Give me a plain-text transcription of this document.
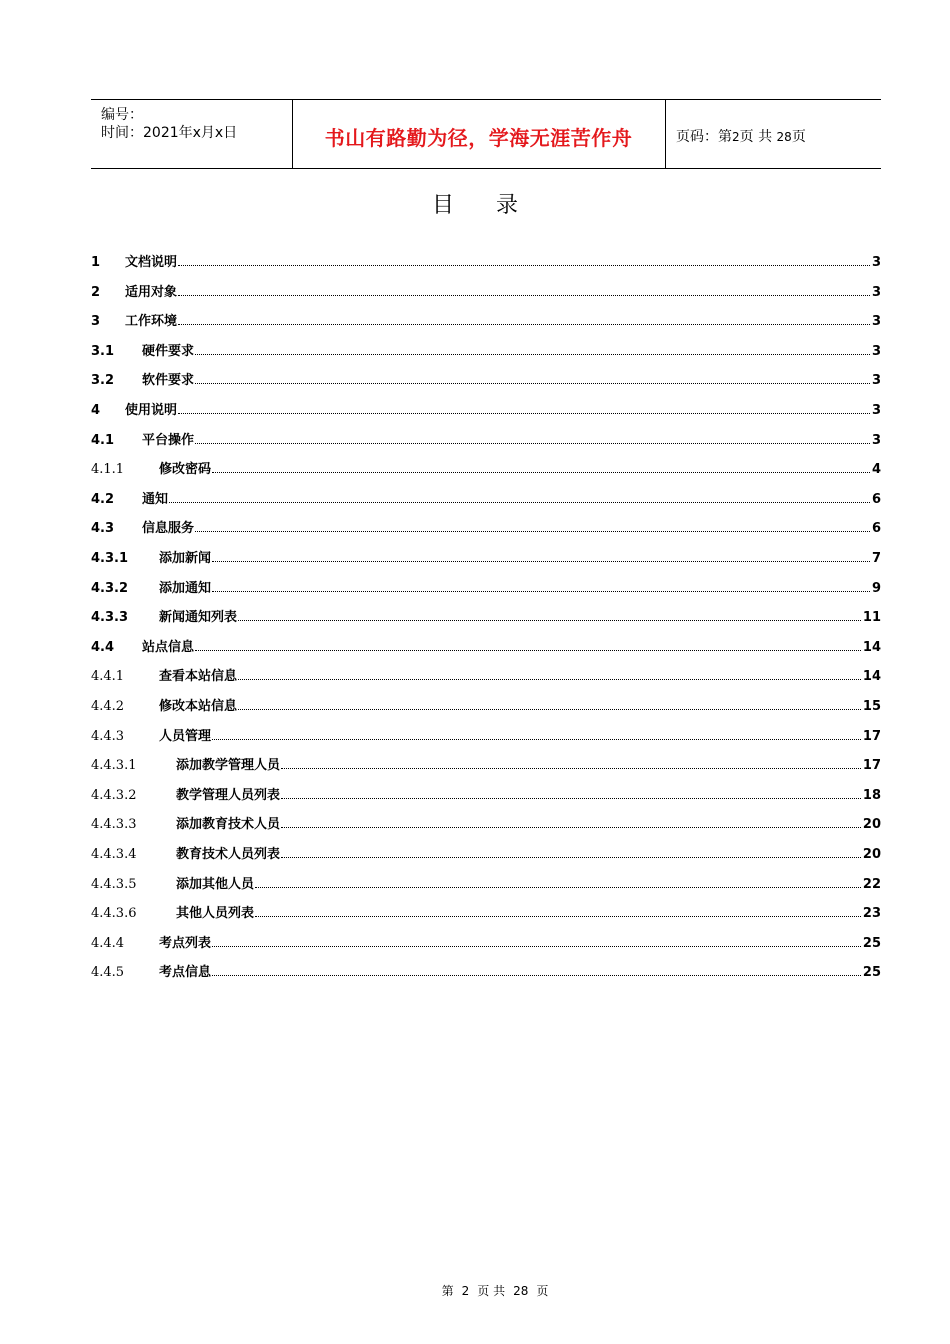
编号：
时间：2021年x月x日	书山有路勤为径，学海无涯苦作舟	页码：第2页 共 28页
目录
1	文档说明	3
2	适用对象	3
3	工作环境	3
3.1	硬件要求	3
3.2	软件要求	3
4	使用说明	3
4.1	平台操作	3
4.1.1	修改密码	4
4.2	通知	6
4.3	信息服务	6
4.3.1	添加新闻	7
4.3.2	添加通知	9
4.3.3	新闻通知列表	11
4.4	站点信息	14
4.4.1	查看本站信息	14
4.4.2	修改本站信息	15
4.4.3	人员管理	17
4.4.3.1	添加教学管理人员	17
4.4.3.2	教学管理人员列表	18
4.4.3.3	添加教育技术人员	20
4.4.3.4	教育技术人员列表	20
4.4.3.5	添加其他人员	22
4.4.3.6	其他人员列表	23
4.4.4	考点列表	25
4.4.5	考点信息	25
第 2 页 共 28 页
